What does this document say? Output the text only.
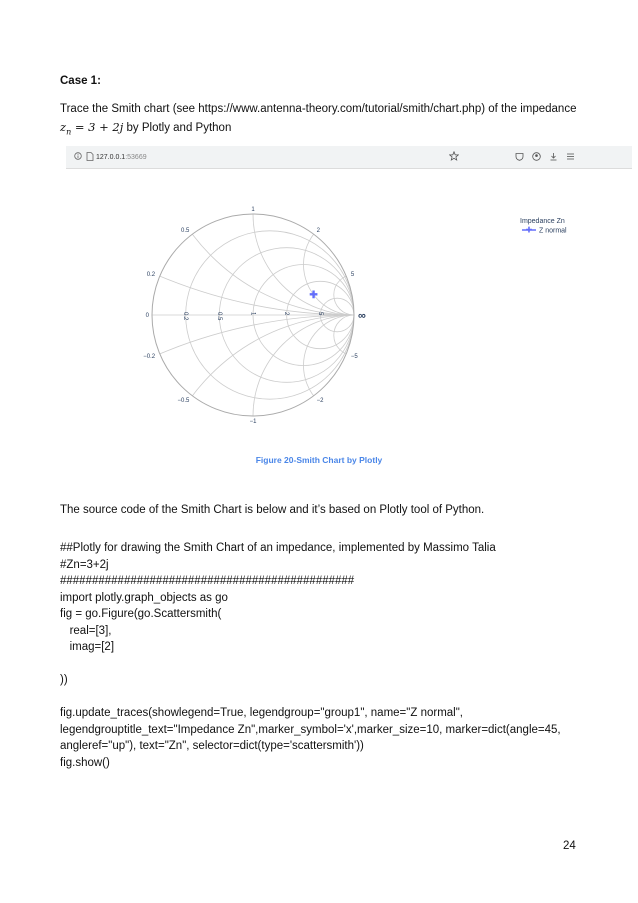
Case 1:
Trace the Smith chart (see https://www.antenna-theory.com/tutorial/smith/chart.php) of the impedance
$z_n = 3 + 2j$ by Plotly and Python
127.0.0.1 :53669
0	0.2	0.5	1	2	5	∞
1
0.5	2
0.2	5
−0.2	−5
−0.5	−2
−1
✚
Impedance Zn
✚ Z normal
Figure 20-Smith Chart by Plotly
The source code of the Smith Chart is below and it’s based on Plotly tool of Python.
##Plotly for drawing the Smith Chart of an impedance, implemented by Massimo Talia
#Zn=3+2j
##############################################
import plotly.graph_objects as go
fig = go.Figure(go.Scattersmith(
real=[3],
imag=[2]
))
fig.update_traces(showlegend=True, legendgroup="group1", name="Z normal",
legendgrouptitle_text="Impedance Zn",marker_symbol='x',marker_size=10, marker=dict(angle=45,
angleref="up"), text="Zn", selector=dict(type='scattersmith'))
fig.show()
24
